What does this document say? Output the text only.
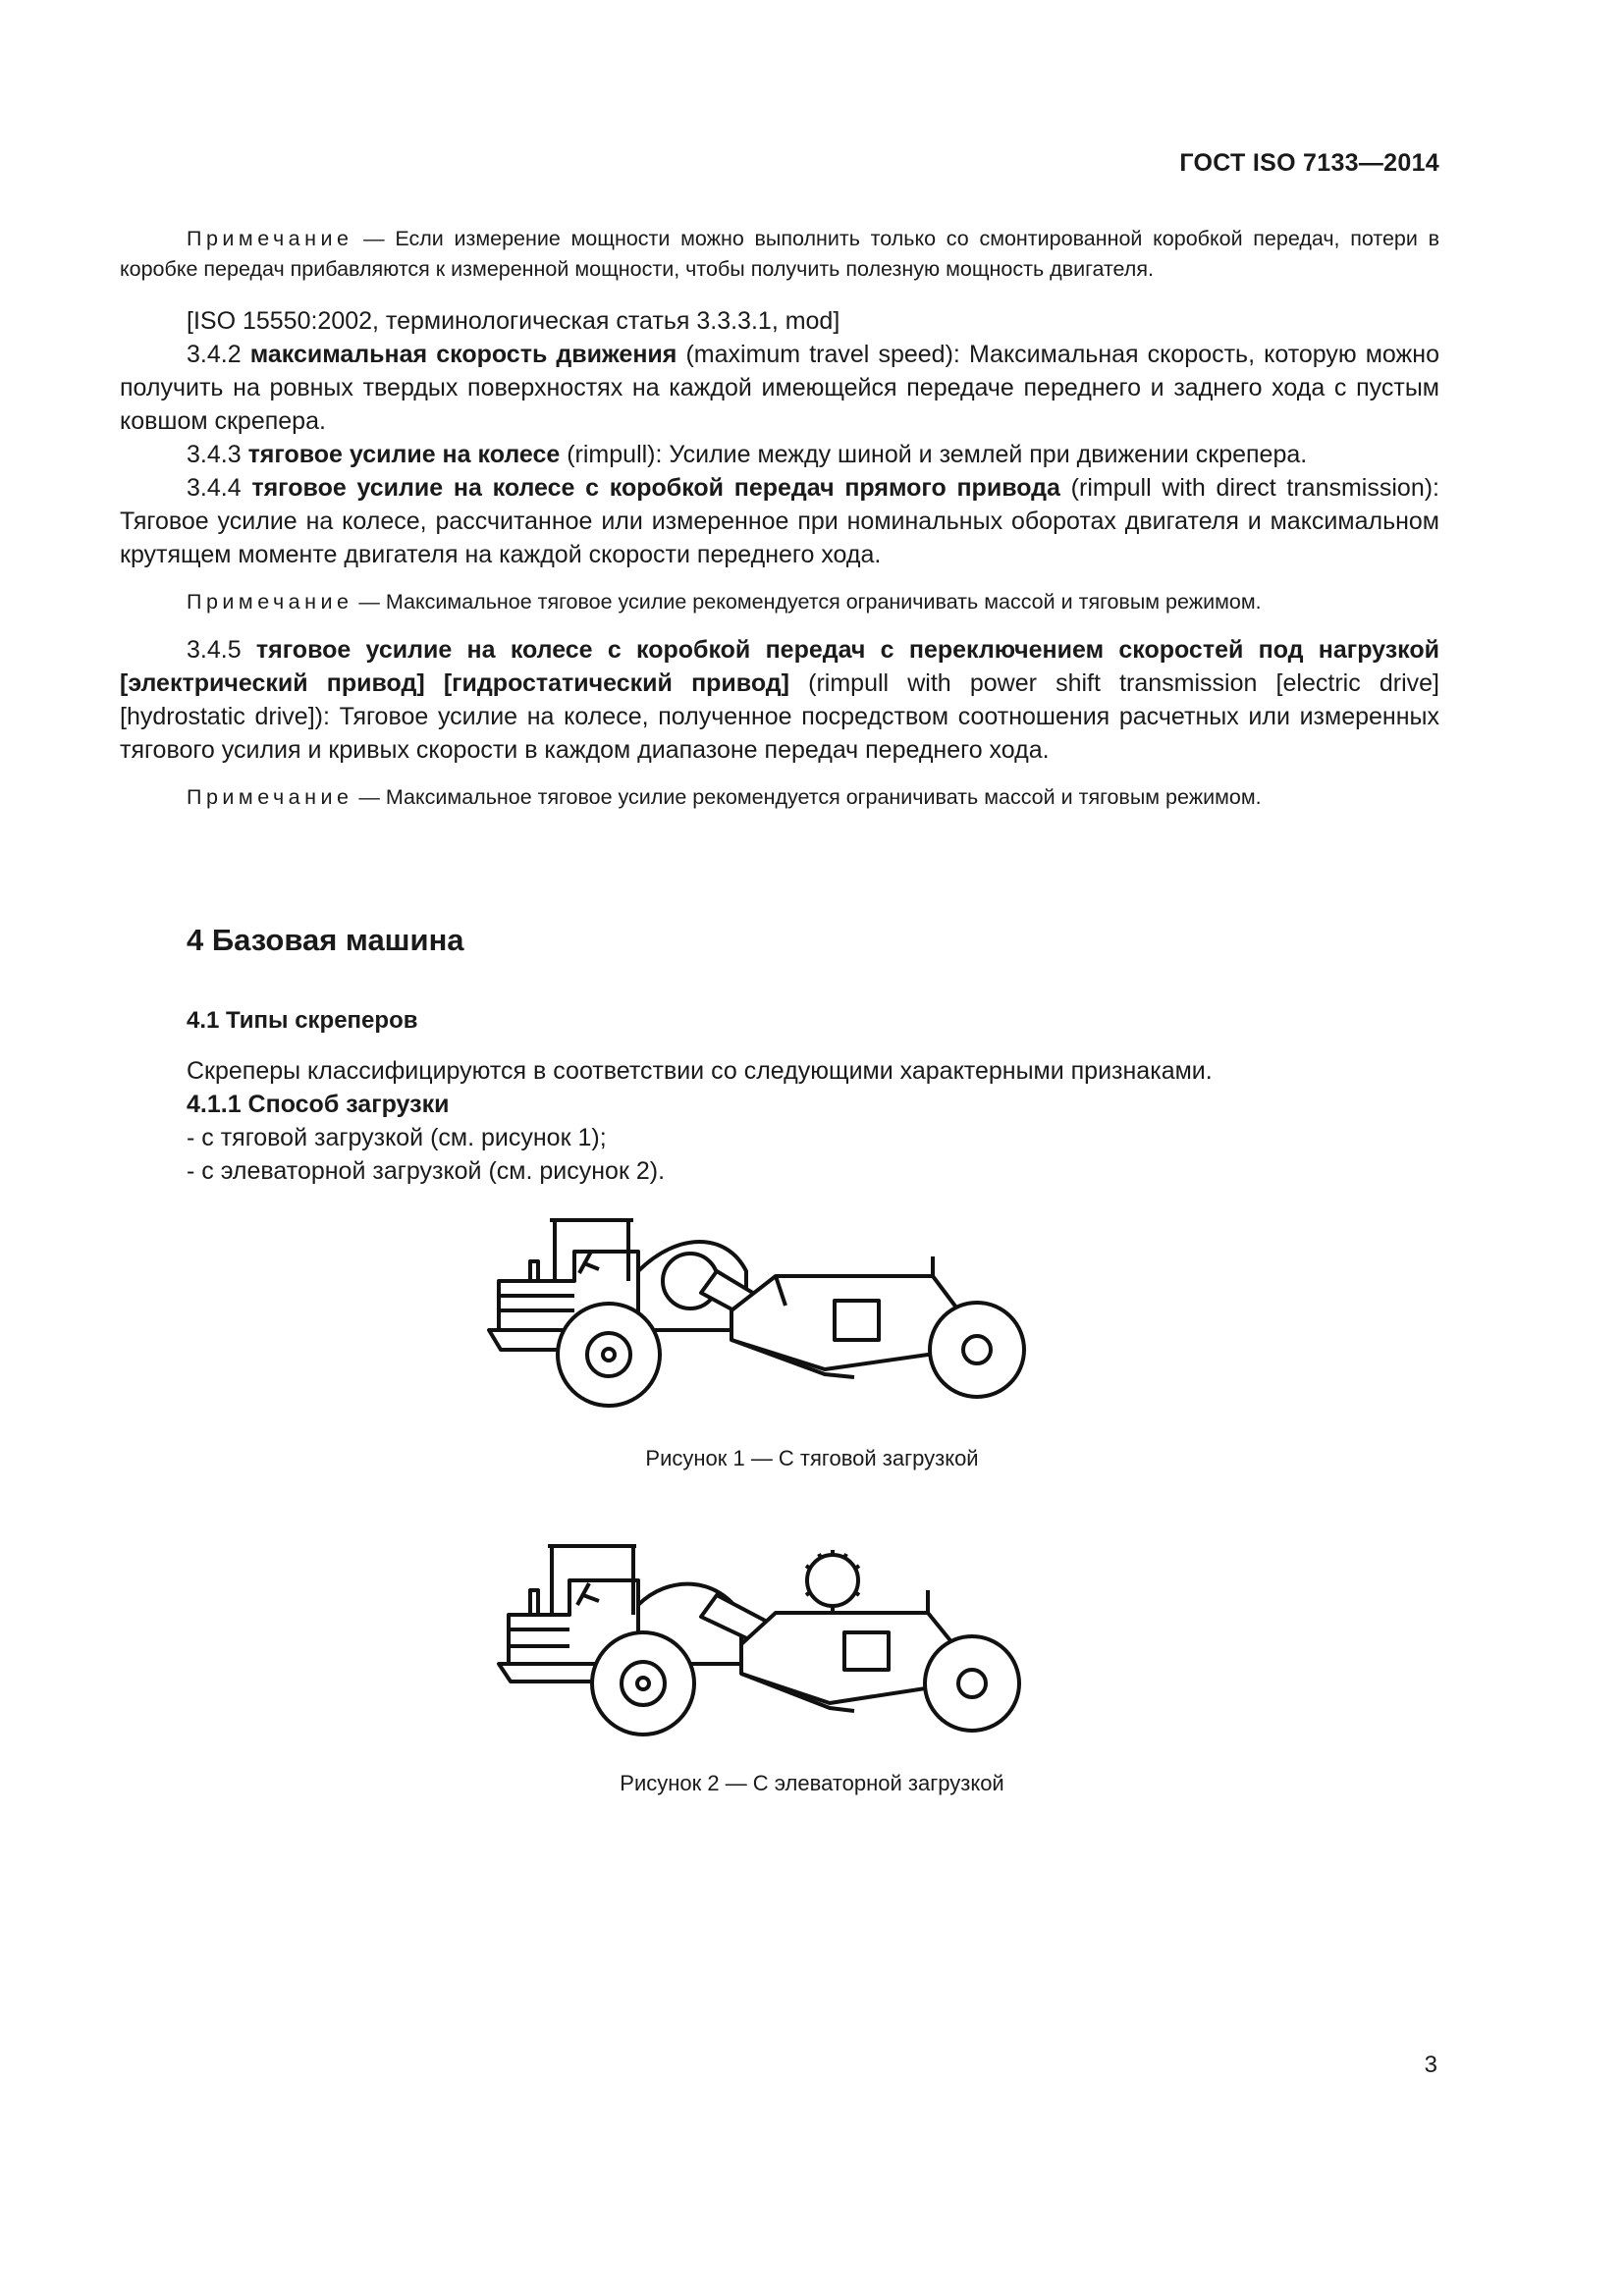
ГОСТ ISO 7133—2014

Примечание — Если измерение мощности можно выполнить только со смонтированной коробкой передач, потери в коробке передач прибавляются к измеренной мощности, чтобы получить полезную мощность двигателя.

[ISO 15550:2002, терминологическая статья 3.3.3.1, mod]

3.4.2 максимальная скорость движения (maximum travel speed): Максимальная скорость, которую можно получить на ровных твердых поверхностях на каждой имеющейся передаче переднего и заднего хода с пустым ковшом скрепера.

3.4.3 тяговое усилие на колесе (rimpull): Усилие между шиной и землей при движении скрепера.

3.4.4 тяговое усилие на колесе с коробкой передач прямого привода (rimpull with direct transmission): Тяговое усилие на колесе, рассчитанное или измеренное при номинальных оборотах двигателя и максимальном крутящем моменте двигателя на каждой скорости переднего хода.

Примечание — Максимальное тяговое усилие рекомендуется ограничивать массой и тяговым режимом.

3.4.5 тяговое усилие на колесе с коробкой передач с переключением скоростей под нагрузкой [электрический привод] [гидростатический привод] (rimpull with power shift transmission [electric drive] [hydrostatic drive]): Тяговое усилие на колесе, полученное посредством соотношения расчетных или измеренных тягового усилия и кривых скорости в каждом диапазоне передач переднего хода.

Примечание — Максимальное тяговое усилие рекомендуется ограничивать массой и тяговым режимом.

4 Базовая машина
4.1 Типы скреперов

Скреперы классифицируются в соответствии со следующими характерными признаками.

4.1.1 Способ загрузки

- с тяговой загрузкой (см. рисунок 1);

- с элеваторной загрузкой (см. рисунок 2).

Рисунок 1 — С тяговой загрузкой
Рисунок 2 — С элеваторной загрузкой
3
